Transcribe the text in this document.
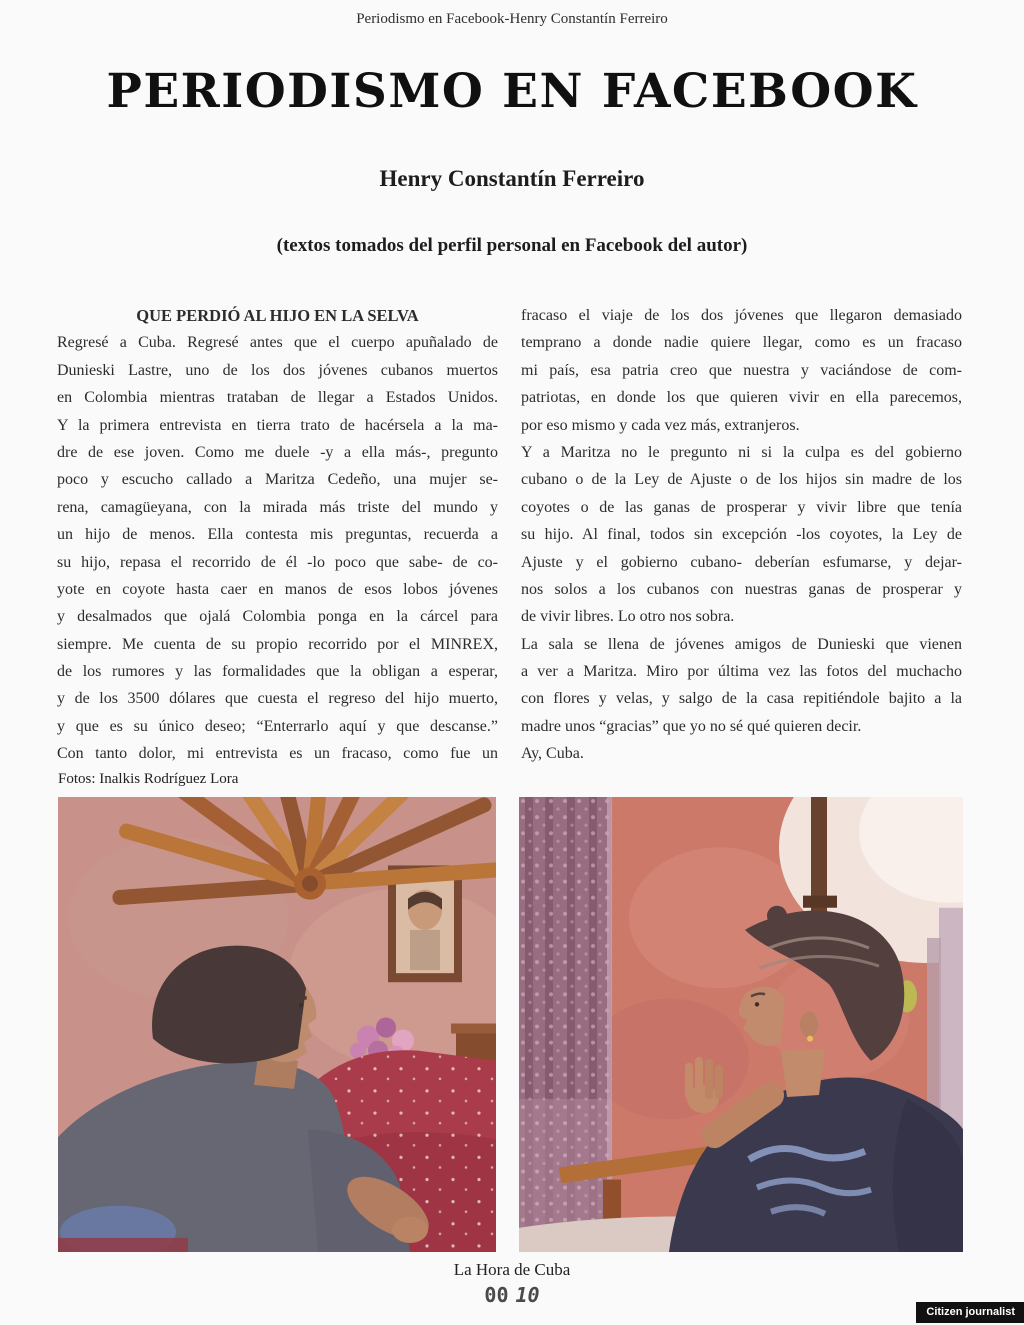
Periodismo en Facebook-Henry Constantín Ferreiro
PERIODISMO EN FACEBOOK
Henry Constantín Ferreiro
(textos tomados del perfil personal en Facebook del autor)
QUE PERDIÓ AL HIJO EN LA SELVA
Regresé a Cuba. Regresé antes que el cuerpo apuñalado de
Dunieski Lastre, uno de los dos jóvenes cubanos muertos
en Colombia mientras trataban de llegar a Estados Unidos.
Y la primera entrevista en tierra trato de hacérsela a la ma-
dre de ese joven. Como me duele -y a ella más-, pregunto
poco y escucho callado a Maritza Cedeño, una mujer se-
rena, camagüeyana, con la mirada más triste del mundo y
un hijo de menos. Ella contesta mis preguntas, recuerda a
su hijo, repasa el recorrido de él -lo poco que sabe- de co-
yote en coyote hasta caer en manos de esos lobos jóvenes
y desalmados que ojalá Colombia ponga en la cárcel para
siempre. Me cuenta de su propio recorrido por el MINREX,
de los rumores y las formalidades que la obligan a esperar,
y de los 3500 dólares que cuesta el regreso del hijo muerto,
y que es su único deseo; “Enterrarlo aquí y que descanse.”
Con tanto dolor, mi entrevista es un fracaso, como fue un
fracaso el viaje de los dos jóvenes que llegaron demasiado
temprano a donde nadie quiere llegar, como es un fracaso
mi país, esa patria creo que nuestra y vaciándose de com-
patriotas, en donde los que quieren vivir en ella parecemos,
por eso mismo y cada vez más, extranjeros.
Y a Maritza no le pregunto ni si la culpa es del gobierno
cubano o de la Ley de Ajuste o de los hijos sin madre de los
coyotes o de las ganas de prosperar y vivir libre que tenía
su hijo. Al final, todos sin excepción -los coyotes, la Ley de
Ajuste y el gobierno cubano- deberían esfumarse, y dejar-
nos solos a los cubanos con nuestras ganas de prosperar y
de vivir libres. Lo otro nos sobra.
La sala se llena de jóvenes amigos de Dunieski que vienen
a ver a Maritza. Miro por última vez las fotos del muchacho
con flores y velas, y salgo de la casa repitiéndole bajito a la
madre unos “gracias” que yo no sé qué quieren decir.
Ay, Cuba.
Fotos: Inalkis Rodríguez Lora
La Hora de Cuba
00 10
Citizen journalist
